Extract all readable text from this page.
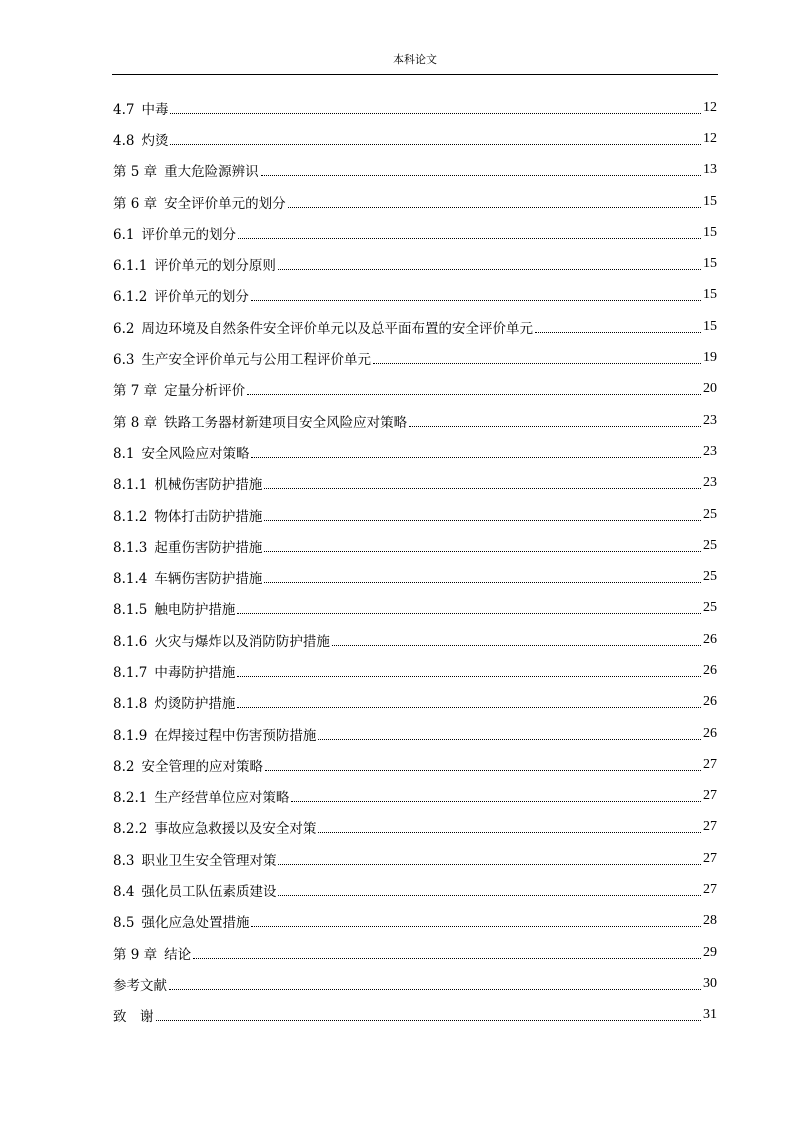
本科论文
4.7 中毒	12
4.8 灼烫	12
第 5 章 重大危险源辨识	13
第 6 章 安全评价单元的划分	15
6.1 评价单元的划分	15
6.1.1 评价单元的划分原则	15
6.1.2 评价单元的划分	15
6.2 周边环境及自然条件安全评价单元以及总平面布置的安全评价单元	15
6.3 生产安全评价单元与公用工程评价单元	19
第 7 章 定量分析评价	20
第 8 章 铁路工务器材新建项目安全风险应对策略	23
8.1 安全风险应对策略	23
8.1.1 机械伤害防护措施	23
8.1.2 物体打击防护措施	25
8.1.3 起重伤害防护措施	25
8.1.4 车辆伤害防护措施	25
8.1.5 触电防护措施	25
8.1.6 火灾与爆炸以及消防防护措施	26
8.1.7 中毒防护措施	26
8.1.8 灼烫防护措施	26
8.1.9 在焊接过程中伤害预防措施	26
8.2 安全管理的应对策略	27
8.2.1 生产经营单位应对策略	27
8.2.2 事故应急救援以及安全对策	27
8.3 职业卫生安全管理对策	27
8.4 强化员工队伍素质建设	27
8.5 强化应急处置措施	28
第 9 章 结论	29
参考文献	30
致　谢	31
